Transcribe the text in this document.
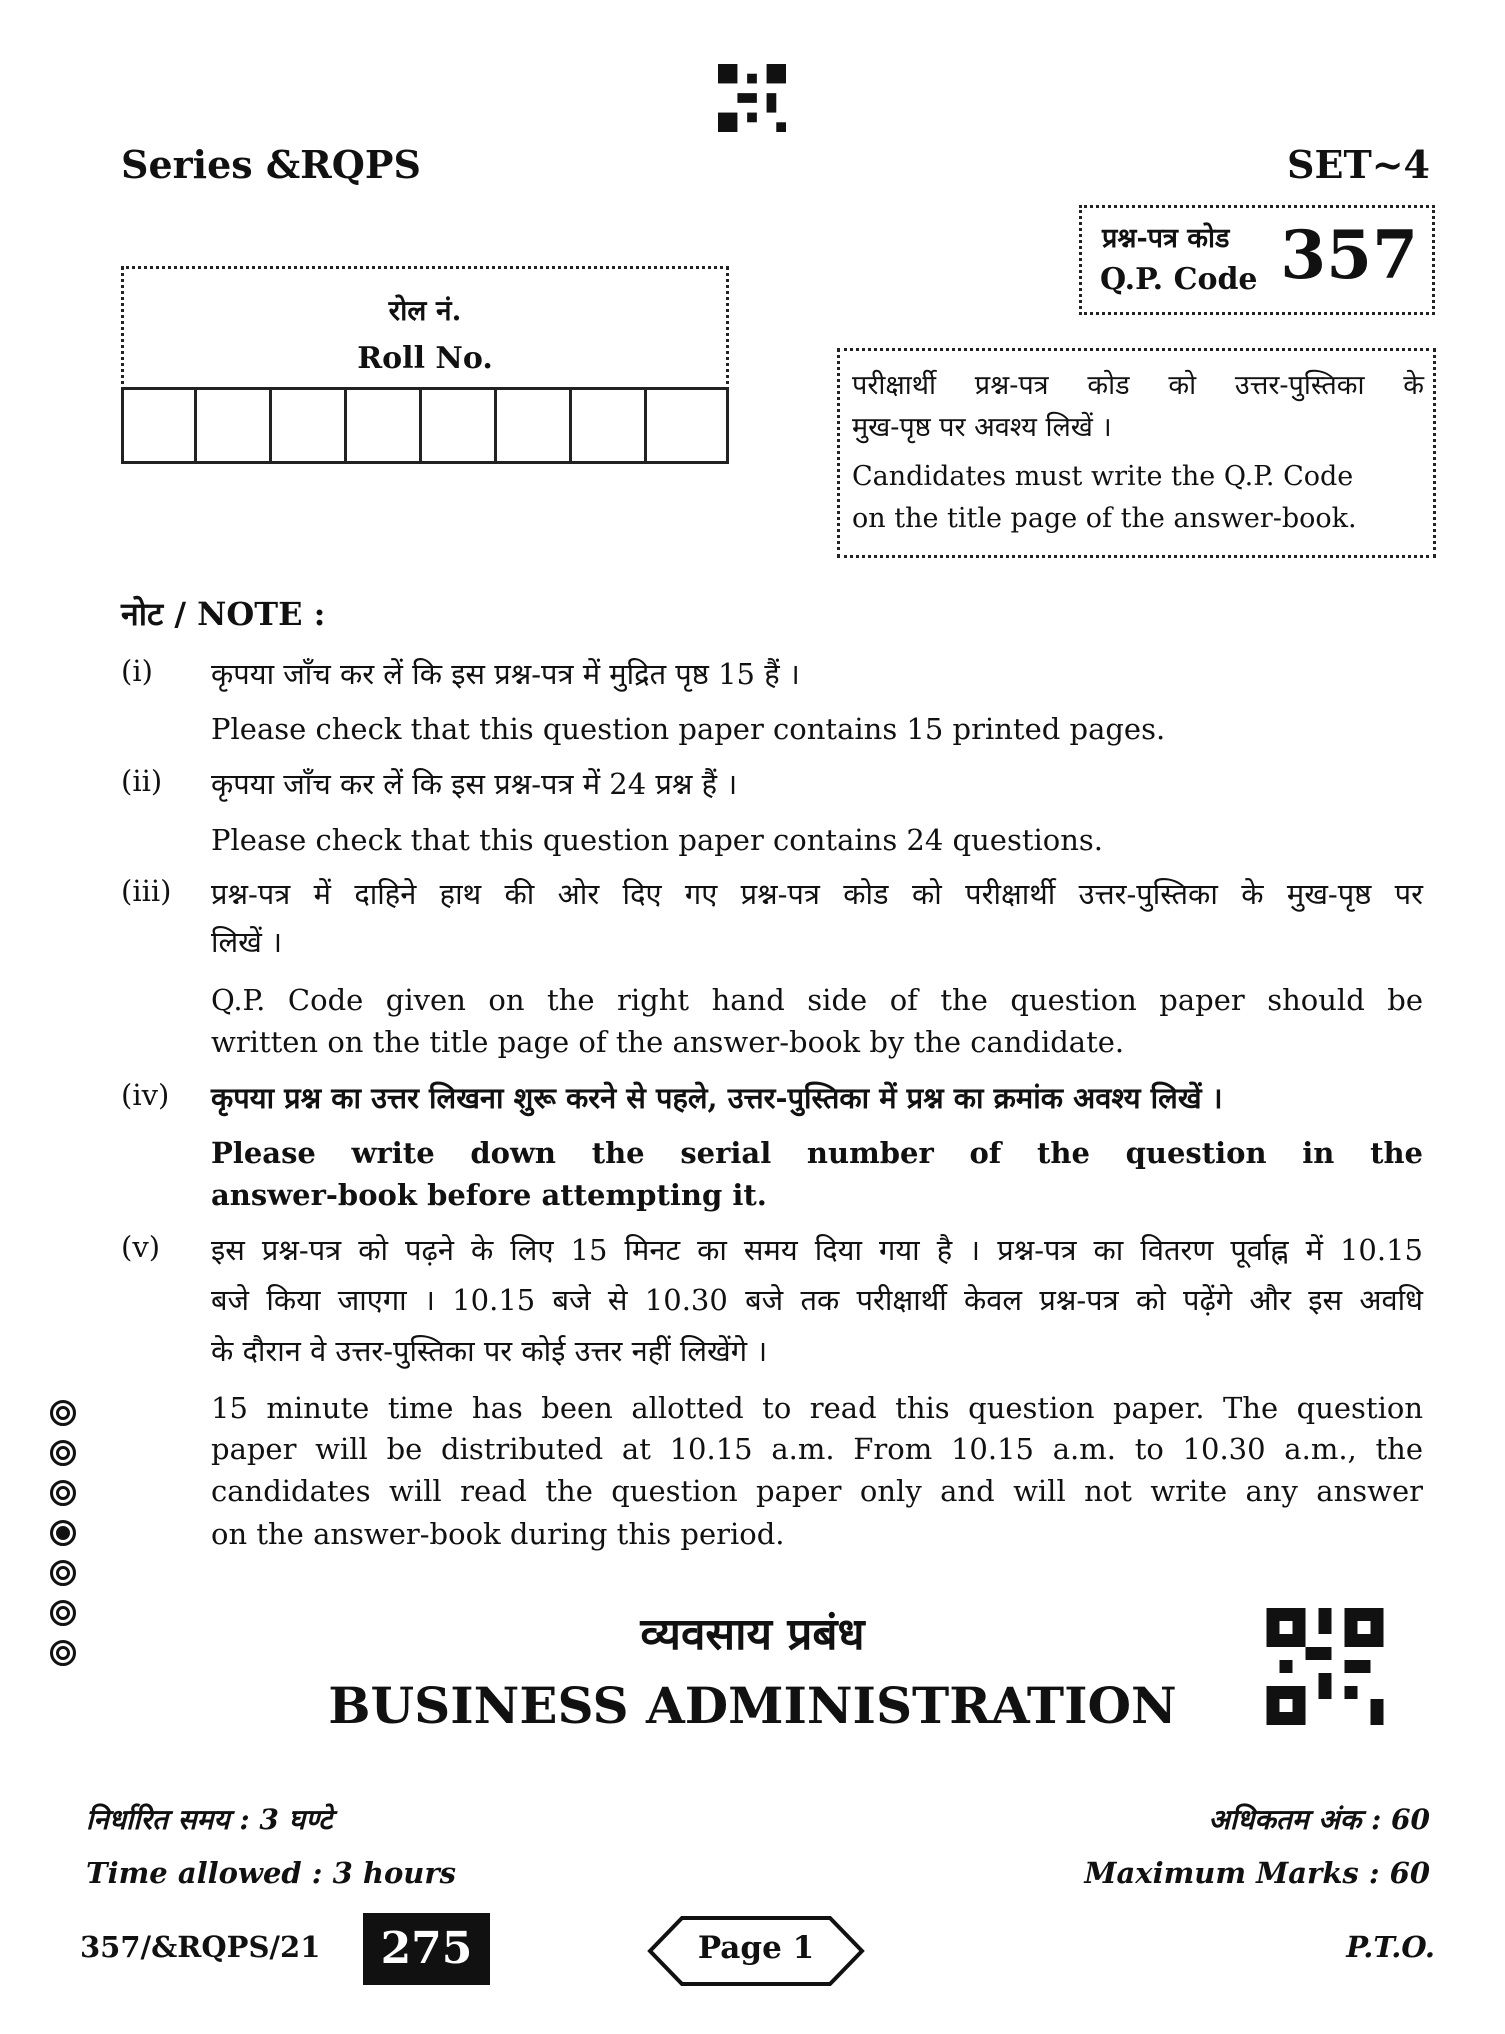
Series &RQPS	SET~4
प्रश्न-पत्र कोड
Q.P. Code 357
रोल नं.
Roll No.
परीक्षार्थी प्रश्न-पत्र कोड को उत्तर-पुस्तिका के
मुख-पृष्ठ पर अवश्य लिखें ।
Candidates must write the Q.P. Code
on the title page of the answer-book.
नोट / NOTE :
(i) कृपया जाँच कर लें कि इस प्रश्न-पत्र में मुद्रित पृष्ठ 15 हैं ।
Please check that this question paper contains 15 printed pages.
(ii) कृपया जाँच कर लें कि इस प्रश्न-पत्र में 24 प्रश्न हैं ।
Please check that this question paper contains 24 questions.
(iii) प्रश्न-पत्र में दाहिने हाथ की ओर दिए गए प्रश्न-पत्र कोड को परीक्षार्थी उत्तर-पुस्तिका के मुख-पृष्ठ पर
लिखें ।
Q.P. Code given on the right hand side of the question paper should be
written on the title page of the answer-book by the candidate.
(iv) कृपया प्रश्न का उत्तर लिखना शुरू करने से पहले, उत्तर-पुस्तिका में प्रश्न का क्रमांक अवश्य लिखें ।
Please write down the serial number of the question in the
answer-book before attempting it.
(v) इस प्रश्न-पत्र को पढ़ने के लिए 15 मिनट का समय दिया गया है । प्रश्न-पत्र का वितरण पूर्वाह्न में 10.15
बजे किया जाएगा । 10.15 बजे से 10.30 बजे तक परीक्षार्थी केवल प्रश्न-पत्र को पढ़ेंगे और इस अवधि
के दौरान वे उत्तर-पुस्तिका पर कोई उत्तर नहीं लिखेंगे ।
15 minute time has been allotted to read this question paper. The question
paper will be distributed at 10.15 a.m. From 10.15 a.m. to 10.30 a.m., the
candidates will read the question paper only and will not write any answer
on the answer-book during this period.
व्यवसाय प्रबंध
BUSINESS ADMINISTRATION
निर्धारित समय : 3 घण्टे
Time allowed : 3 hours
अधिकतम अंक : 60
Maximum Marks : 60
357/&RQPS/21	275	Page 1	P.T.O.
